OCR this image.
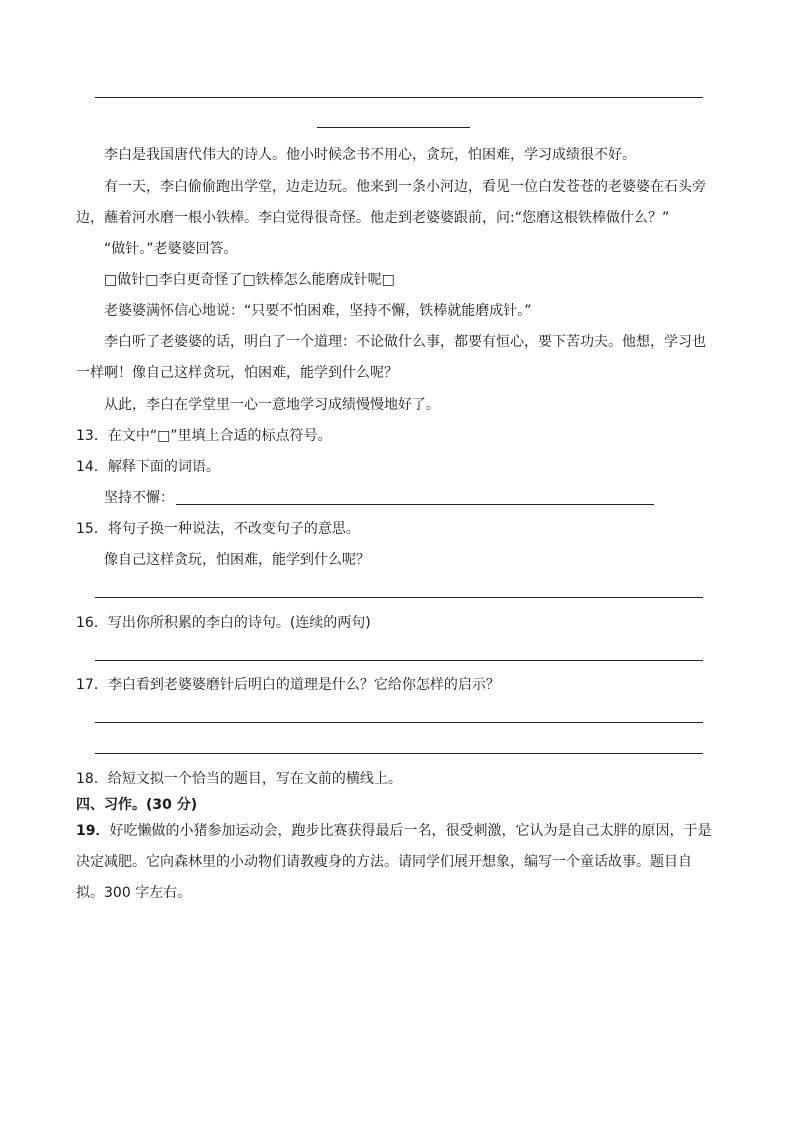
李白是我国唐代伟大的诗人。他小时候念书不用心，贪玩，怕困难，学习成绩很不好。
有一天，李白偷偷跑出学堂，边走边玩。他来到一条小河边，看见一位白发苍苍的老婆婆在石头旁
边，蘸着河水磨一根小铁棒。李白觉得很奇怪。他走到老婆婆跟前，问:“您磨这根铁棒做什么？”
“做针。”老婆婆回答。
□做针□李白更奇怪了□铁棒怎么能磨成针呢□
老婆婆满怀信心地说：“只要不怕困难，坚持不懈，铁棒就能磨成针。”
李白听了老婆婆的话，明白了一个道理：不论做什么事，都要有恒心，要下苦功夫。他想，学习也
一样啊！像自己这样贪玩，怕困难，能学到什么呢？
从此，李白在学堂里一心一意地学习成绩慢慢地好了。
13．在文中“□”里填上合适的标点符号。
14．解释下面的词语。
坚持不懈：
15．将句子换一种说法，不改变句子的意思。
像自己这样贪玩，怕困难，能学到什么呢？
16．写出你所积累的李白的诗句。(连续的两句)
17．李白看到老婆婆磨针后明白的道理是什么？它给你怎样的启示？
18．给短文拟一个恰当的题目，写在文前的横线上。
四、习作。(30 分)
19．好吃懒做的小猪参加运动会，跑步比赛获得最后一名，很受刺激，它认为是自己太胖的原因，于是
决定减肥。它向森林里的小动物们请教瘦身的方法。请同学们展开想象，编写一个童话故事。题目自
拟。300 字左右。
